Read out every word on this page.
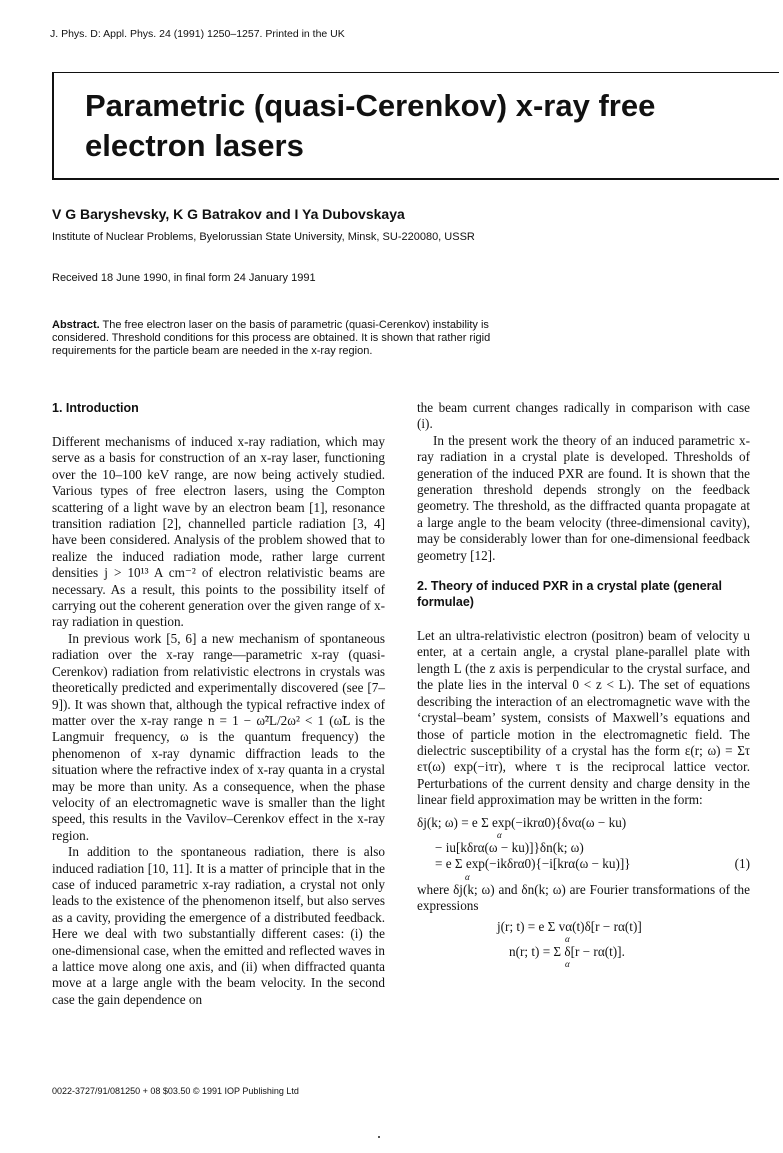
J. Phys. D: Appl. Phys. 24 (1991) 1250–1257. Printed in the UK
Parametric (quasi-Cerenkov) x-ray free
electron lasers

V G Baryshevsky, K G Batrakov and I Ya Dubovskaya

Institute of Nuclear Problems, Byelorussian State University, Minsk, SU-220080, USSR

Received 18 June 1990, in final form 24 January 1991

Abstract. The free electron laser on the basis of parametric (quasi-Cerenkov) instability is considered. Threshold conditions for this process are obtained. It is shown that rather rigid requirements for the particle beam are needed in the x-ray region.

1. Introduction

Different mechanisms of induced x-ray radiation, which may serve as a basis for construction of an x-ray laser, functioning over the 10–100 keV range, are now being actively studied. Various types of free electron lasers, using the Compton scattering of a light wave by an electron beam [1], resonance transition radiation [2], channelled particle radiation [3, 4] have been considered. Analysis of the problem showed that to realize the induced radiation mode, rather large current densities j > 10¹³ A cm⁻² of electron relativistic beams are necessary. As a result, this points to the possibility itself of carrying out the coherent generation over the given range of x-ray radiation in question.

In previous work [5, 6] a new mechanism of spontaneous radiation over the x-ray range—parametric x-ray (quasi-Cerenkov) radiation from relativistic electrons in crystals was theoretically predicted and experimentally discovered (see [7–9]). It was shown that, although the typical refractive index of matter over the x-ray range n = 1 − ω̃²L/2ω² < 1 (ω̃L is the Langmuir frequency, ω is the quantum frequency) the phenomenon of x-ray dynamic diffraction leads to the situation where the refractive index of x-ray quanta in a crystal may be more than unity. As a consequence, when the phase velocity of an electromagnetic wave is smaller than the light speed, this results in the Vavilov–Cerenkov effect in the x-ray region.

In addition to the spontaneous radiation, there is also induced radiation [10, 11]. It is a matter of principle that in the case of induced parametric x-ray radiation, a crystal not only leads to the existence of the phenomenon itself, but also serves as a cavity, providing the emergence of a distributed feedback. Here we deal with two substantially different cases: (i) the one-dimensional case, when the emitted and reflected waves in a lattice move along one axis, and (ii) when diffracted quanta move at a large angle with the beam velocity. In the second case the gain dependence on

the beam current changes radically in comparison with case (i).

In the present work the theory of an induced parametric x-ray radiation in a crystal plate is developed. Thresholds of generation of the induced PXR are found. It is shown that the generation threshold depends strongly on the feedback geometry. The threshold, as the diffracted quanta propagate at a large angle to the beam velocity (three-dimensional cavity), may be considerably lower than for one-dimensional feedback geometry [12].

2. Theory of induced PXR in a crystal plate (general formulae)

Let an ultra-relativistic electron (positron) beam of velocity u enter, at a certain angle, a crystal plane-parallel plate with length L (the z axis is perpendicular to the crystal surface, and the plate lies in the interval 0 < z < L). The set of equations describing the interaction of an electromagnetic wave with the ‘crystal–beam’ system, consists of Maxwell’s equations and those of particle motion in the electromagnetic field. The dielectric susceptibility of a crystal has the form ε(r; ω) = Στ ετ(ω) exp(−iτr), where τ is the reciprocal lattice vector. Perturbations of the current density and charge density in the linear field approximation may be written in the form:

δj(k; ω) = e Σ exp(−ikrα0){δvα(ω − ku)

α

− iu[kδrα(ω − ku)]}δn(k; ω)

= e Σ exp(−ikδrα0){−i[krα(ω − ku)]}	(1)
α

where δj(k; ω) and δn(k; ω) are Fourier transformations of the expressions

j(r; t) = e Σ vα(t)δ[r − rα(t)]

α

n(r; t) = Σ δ[r − rα(t)].

α
0022-3727/91/081250 + 08 $03.50 © 1991 IOP Publishing Ltd
